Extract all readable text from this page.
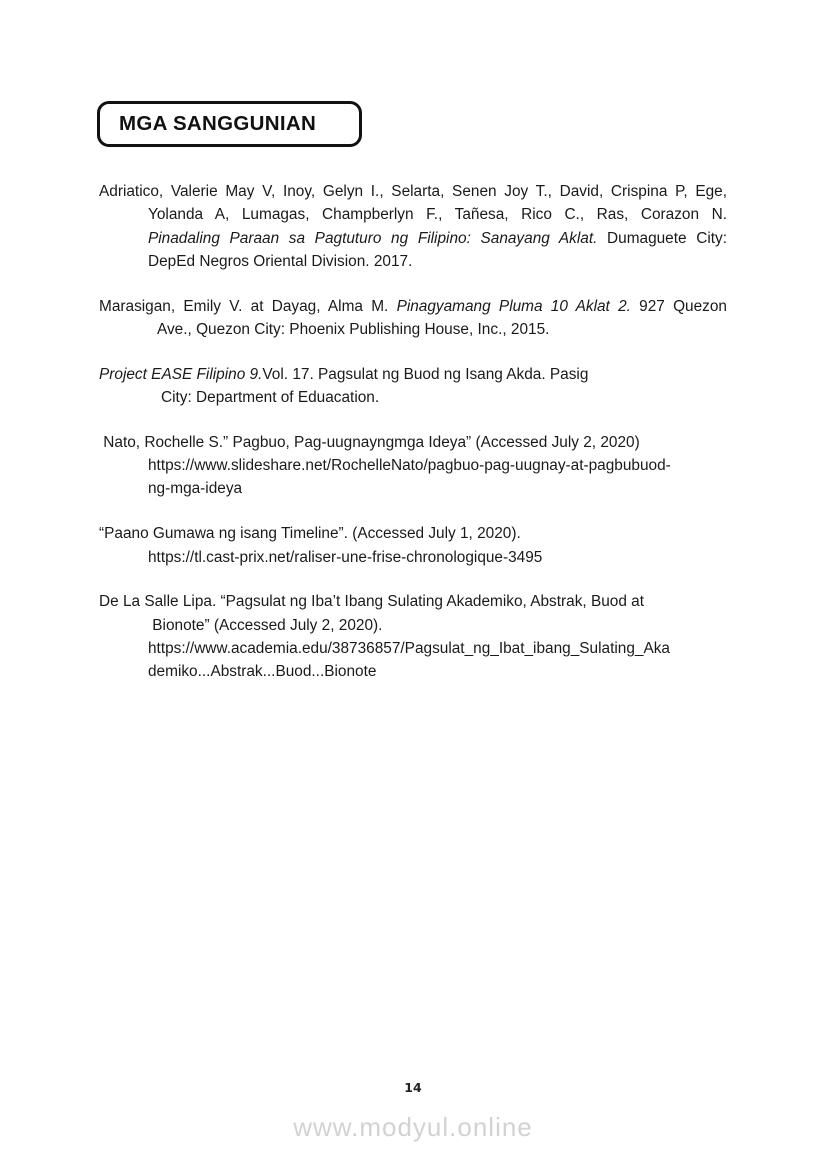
MGA SANGGUNIAN
Adriatico, Valerie May V, Inoy, Gelyn I., Selarta, Senen Joy T., David, Crispina P, Ege,
Yolanda A, Lumagas, Champberlyn F., Tañesa, Rico C., Ras, Corazon N.
Pinadaling Paraan sa Pagtuturo ng Filipino: Sanayang Aklat. Dumaguete City:
DepEd Negros Oriental Division. 2017.
Marasigan, Emily V. at Dayag, Alma M. Pinagyamang Pluma 10 Aklat 2. 927 Quezon
Ave., Quezon City: Phoenix Publishing House, Inc., 2015.
Project EASE Filipino 9.Vol. 17. Pagsulat ng Buod ng Isang Akda. Pasig
City: Department of Eduacation.
Nato, Rochelle S.” Pagbuo, Pag-uugnayngmga Ideya” (Accessed July 2, 2020)
https://www.slideshare.net/RochelleNato/pagbuo-pag-uugnay-at-pagbubuod-
ng-mga-ideya
“Paano Gumawa ng isang Timeline”. (Accessed July 1, 2020).
https://tl.cast-prix.net/raliser-une-frise-chronologique-3495
De La Salle Lipa. “Pagsulat ng Iba’t Ibang Sulating Akademiko, Abstrak, Buod at
Bionote” (Accessed July 2, 2020).
https://www.academia.edu/38736857/Pagsulat_ng_Ibat_ibang_Sulating_Aka
demiko...Abstrak...Buod...Bionote
14
www.modyul.online
